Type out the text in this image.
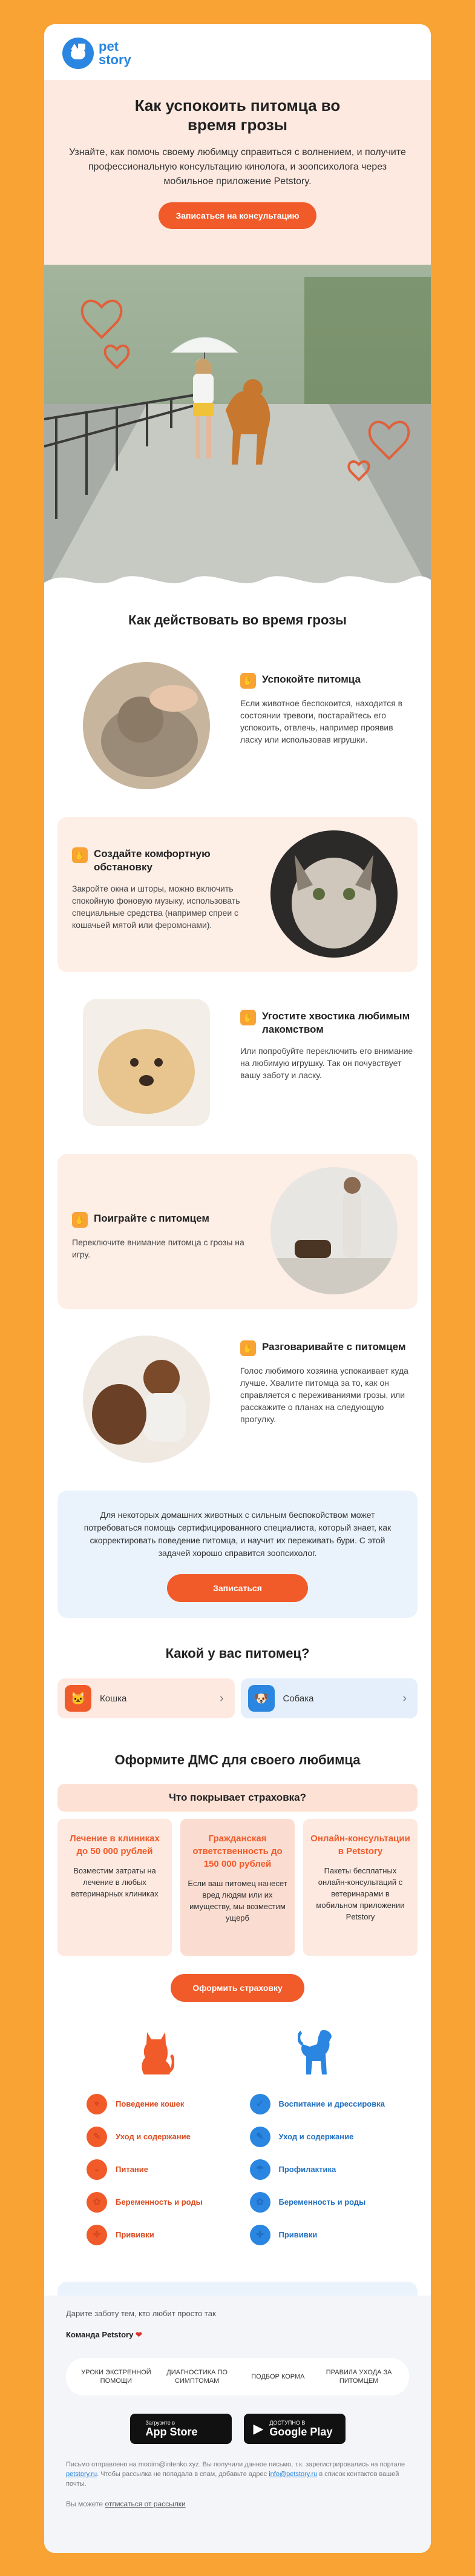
pet
story
Как успокоить питомца во время грозы

Узнайте, как помочь своему любимцу справиться с волнением, и получите профессиональную консультацию кинолога, и зоопсихолога через мобильное приложение Petstory.

Записаться на консультацию
Как действовать во время грозы
✋ Успокойте питомца

Если животное беспокоится, находится в состоянии тревоги, постарайтесь его успокоить, отвлечь, например проявив ласку или использовав игрушки.

✋ Создайте комфортную обстановку

Закройте окна и шторы, можно включить спокойную фоновую музыку, использовать специальные средства (например спреи с кошачьей мятой или феромонами).

✋ Угостите хвостика любимым лакомством

Или попробуйте переключить его внимание на любимую игрушку. Так он почувствует вашу заботу и ласку.

✋ Поиграйте с питомцем

Переключите внимание питомца с грозы на игру.

✋ Разговаривайте с питомцем

Голос любимого хозяина успокаивает куда лучше. Хвалите питомца за то, как он справляется с переживаниями грозы, или расскажите о планах на следующую прогулку.

Для некоторых домашних животных с сильным беспокойством может потребоваться помощь сертифицированного специалиста, который знает, как скорректировать поведение питомца, и научит их переживать бури. С этой задачей хорошо справится зоопсихолог.

Записаться
Какой у вас питомец?
🐱	Кошка	›	🐶	Собака	›
Оформите ДМС для своего любимца
Что покрывает страховка?
Лечение в клиниках до 50 000 рублей

Возместим затраты на лечение в любых ветеринарных клиниках

Гражданская ответственность до 150 000 рублей

Если ваш питомец нанесет вред людям или их имуществу, мы возместим ущерб

Онлайн-консультации в Petstory

Пакеты бесплатных онлайн-консультаций с ветеринарами в мобильном приложении Petstory

Оформить страховку
♥	Поведение кошек
✎	Уход и содержание
◒	Питание
✿	Беременность и роды
✚	Прививки
✓	Воспитание и дрессировка
✎	Уход и содержание
☂	Профилактика
✿	Беременность и роды
✚	Прививки

Дарите заботу тем, кто любит просто так
Команда Petstory ❤
УРОКИ ЭКСТРЕННОЙ ПОМОЩИ
ДИАГНОСТИКА ПО СИМПТОМАМ
ПОДБОР КОРМА
ПРАВИЛА УХОДА ЗА ПИТОМЦЕМ
Загрузите в
App Store	▶ ДОСТУПНО В
Google Play
Письмо отправлено на mooirn@intenko.xyz. Вы получили данное письмо, т.к. зарегистрировались на портале petstory.ru. Чтобы рассылка не попадала в спам, добавьте адрес info@petstory.ru в список контактов вашей почты.
Вы можете отписаться от рассылки
